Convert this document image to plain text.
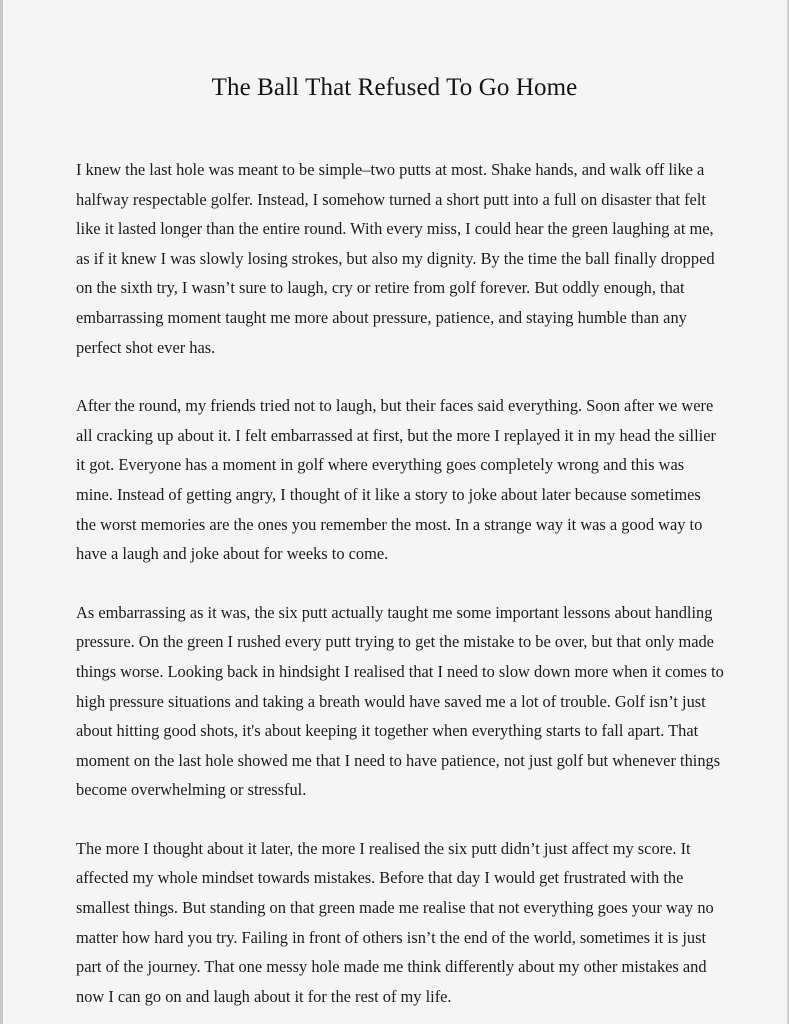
The Ball That Refused To Go Home

I knew the last hole was meant to be simple–two putts at most. Shake hands, and walk off like a halfway respectable golfer. Instead, I somehow turned a short putt into a full on disaster that felt like it lasted longer than the entire round. With every miss, I could hear the green laughing at me, as if it knew I was slowly losing strokes, but also my dignity. By the time the ball finally dropped on the sixth try, I wasn’t sure to laugh, cry or retire from golf forever. But oddly enough, that embarrassing moment taught me more about pressure, patience, and staying humble than any perfect shot ever has.

After the round, my friends tried not to laugh, but their faces said everything. Soon after we were all cracking up about it. I felt embarrassed at first, but the more I replayed it in my head the sillier it got. Everyone has a moment in golf where everything goes completely wrong and this was mine. Instead of getting angry, I thought of it like a story to joke about later because sometimes the worst memories are the ones you remember the most. In a strange way it was a good way to have a laugh and joke about for weeks to come.

As embarrassing as it was, the six putt actually taught me some important lessons about handling pressure. On the green I rushed every putt trying to get the mistake to be over, but that only made things worse. Looking back in hindsight I realised that I need to slow down more when it comes to high pressure situations and taking a breath would have saved me a lot of trouble. Golf isn’t just about hitting good shots, it's about keeping it together when everything starts to fall apart. That moment on the last hole showed me that I need to have patience, not just golf but whenever things become overwhelming or stressful.

The more I thought about it later, the more I realised the six putt didn’t just affect my score. It affected my whole mindset towards mistakes. Before that day I would get frustrated with the smallest things. But standing on that green made me realise that not everything goes your way no matter how hard you try. Failing in front of others isn’t the end of the world, sometimes it is just part of the journey. That one messy hole made me think differently about my other mistakes and now I can go on and laugh about it for the rest of my life.
